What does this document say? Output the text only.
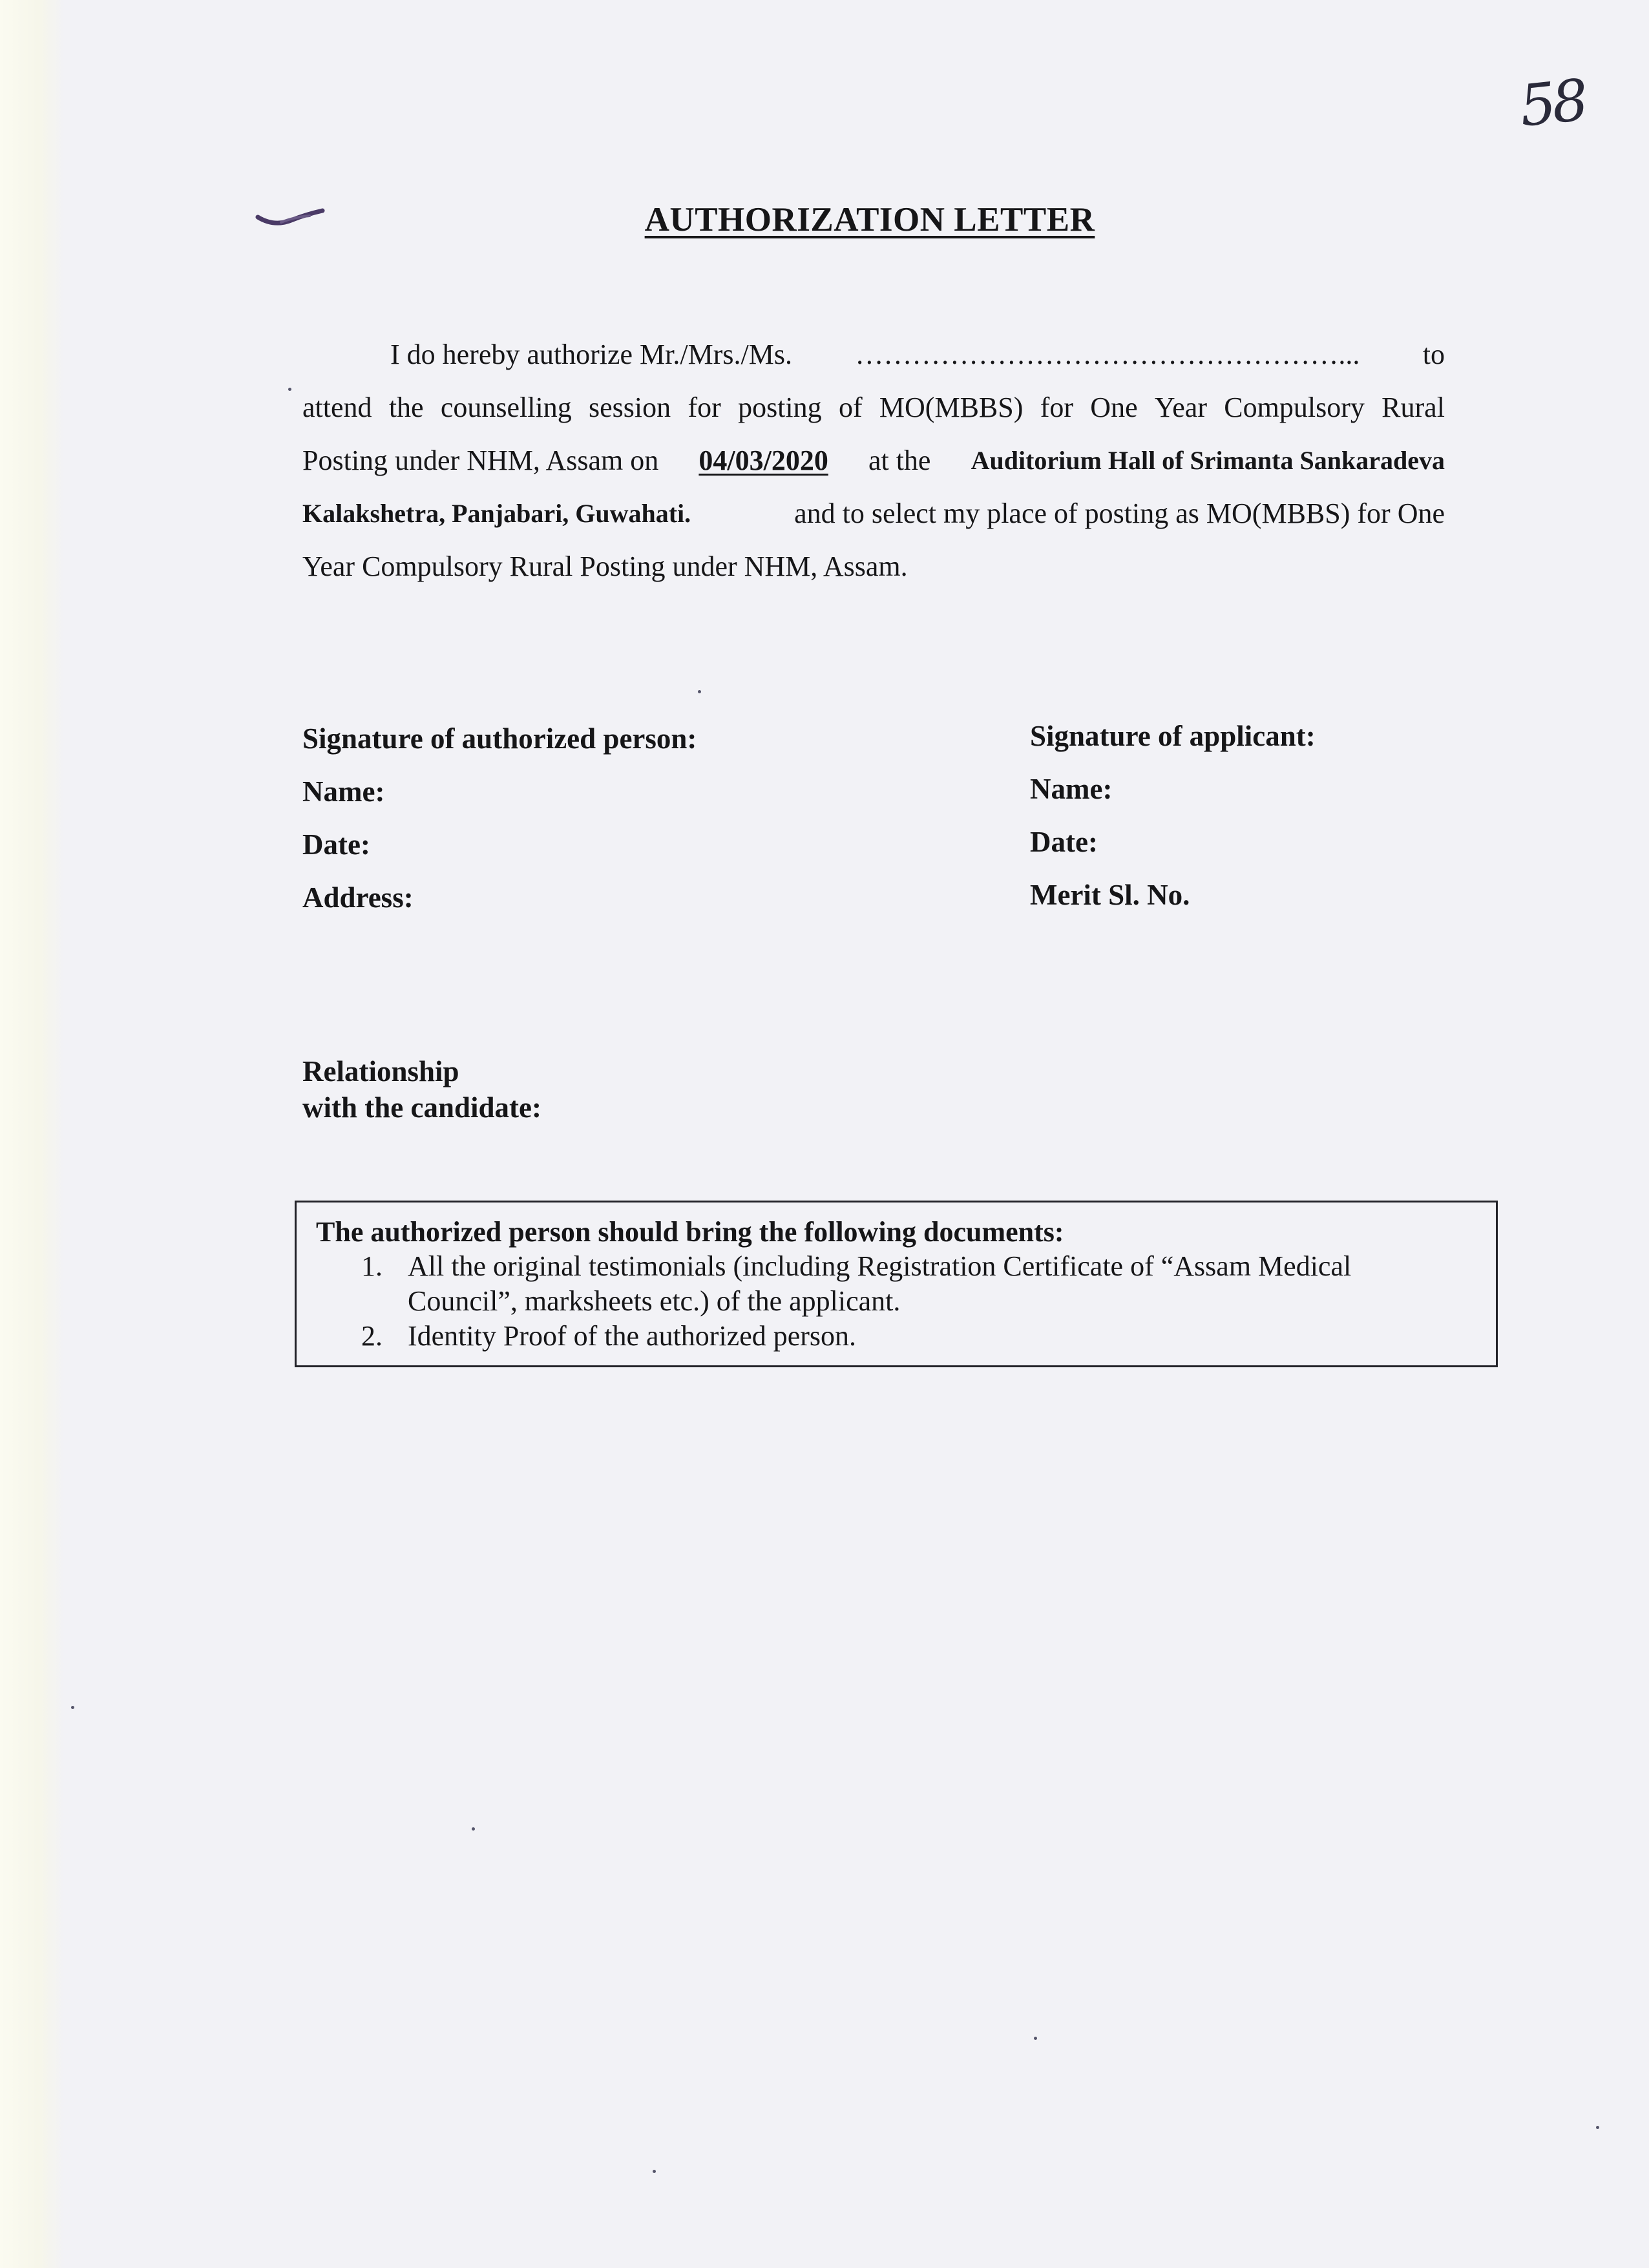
58
AUTHORIZATION LETTER
I do hereby authorize Mr./Mrs./Ms. ……………………………………………... to
attend the counselling session for posting of MO(MBBS) for One Year Compulsory Rural
Posting under NHM, Assam on 04/03/2020 at the Auditorium Hall of Srimanta Sankaradeva
Kalakshetra, Panjabari, Guwahati.	and to select my place of posting as MO(MBBS) for One
Year Compulsory Rural Posting under NHM, Assam.
Signature of authorized person:
Name:
Date:
Address:
Signature of applicant:
Name:
Date:
Merit Sl. No.
Relationship
with the candidate:
The authorized person should bring the following documents:
1. All the original testimonials (including Registration Certificate of “Assam Medical
Council”, marksheets etc.) of the applicant.
2. Identity Proof of the authorized person.
